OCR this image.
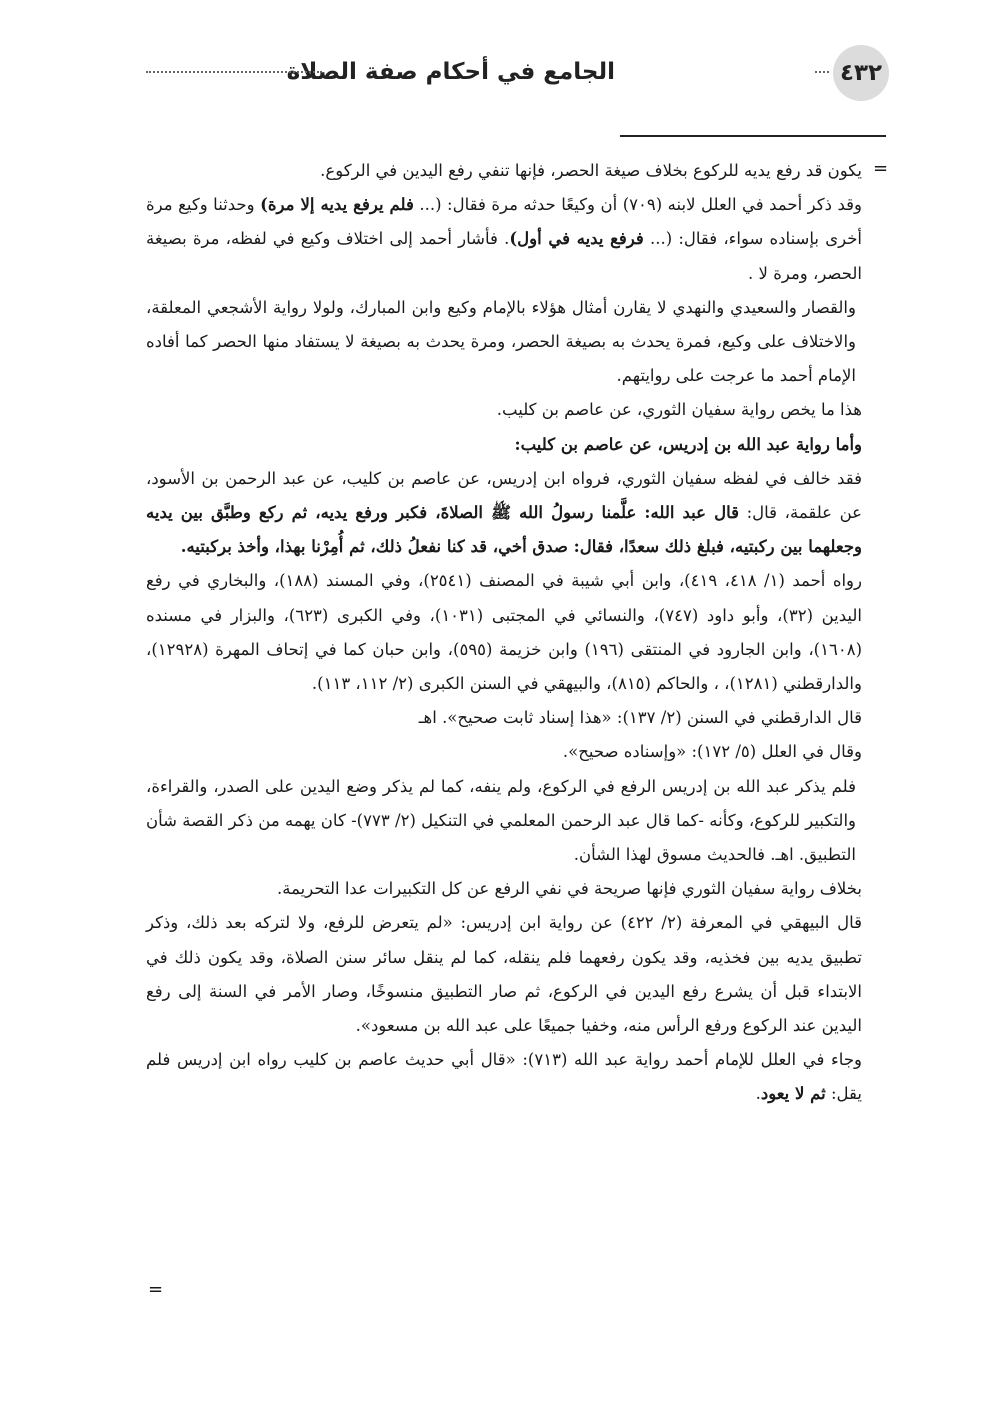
٤٣٢
الجامع في أحكام صفة الصلاة
=

يكون قد رفع يديه للركوع بخلاف صيغة الحصر، فإنها تنفي رفع اليدين في الركوع.

وقد ذكر أحمد في العلل لابنه (٧٠٩) أن وكيعًا حدثه مرة فقال: (... فلم يرفع يديه إلا مرة) وحدثنا وكيع مرة أخرى بإسناده سواء، فقال: (... فرفع يديه في أول). فأشار أحمد إلى اختلاف وكيع في لفظه، مرة بصيغة الحصر، ومرة لا .

والقصار والسعيدي والنهدي لا يقارن أمثال هؤلاء بالإمام وكيع وابن المبارك، ولولا رواية الأشجعي المعلقة، والاختلاف على وكيع، فمرة يحدث به بصيغة الحصر، ومرة يحدث به بصيغة لا يستفاد منها الحصر كما أفاده الإمام أحمد ما عرجت على روايتهم.

هذا ما يخص رواية سفيان الثوري، عن عاصم بن كليب.

وأما رواية عبد الله بن إدريس، عن عاصم بن كليب:

فقد خالف في لفظه سفيان الثوري، فرواه ابن إدريس، عن عاصم بن كليب، عن عبد الرحمن بن الأسود، عن علقمة، قال: قال عبد الله: علَّمنا رسولُ الله ﷺ الصلاةَ، فكبر ورفع يديه، ثم ركع وطبَّق بين يديه وجعلهما بين ركبتيه، فبلغ ذلك سعدًا، فقال: صدق أخي، قد كنا نفعلُ ذلك، ثم أُمِرْنا بهذا، وأخذ بركبتيه.

رواه أحمد (١/ ٤١٨، ٤١٩)، وابن أبي شيبة في المصنف (٢٥٤١)، وفي المسند (١٨٨)، والبخاري في رفع اليدين (٣٢)، وأبو داود (٧٤٧)، والنسائي في المجتبى (١٠٣١)، وفي الكبرى (٦٢٣)، والبزار في مسنده (١٦٠٨)، وابن الجارود في المنتقى (١٩٦) وابن خزيمة (٥٩٥)، وابن حبان كما في إتحاف المهرة (١٢٩٢٨)، والدارقطني (١٢٨١)، ، والحاكم (٨١٥)، والبيهقي في السنن الكبرى (٢/ ١١٢، ١١٣).

قال الدارقطني في السنن (٢/ ١٣٧): «هذا إسناد ثابت صحيح». اهـ

وقال في العلل (٥/ ١٧٢): «وإسناده صحيح».

فلم يذكر عبد الله بن إدريس الرفع في الركوع، ولم ينفه، كما لم يذكر وضع اليدين على الصدر، والقراءة، والتكبير للركوع، وكأنه -كما قال عبد الرحمن المعلمي في التنكيل (٢/ ٧٧٣)- كان يهمه من ذكر القصة شأن التطبيق. اهـ. فالحديث مسوق لهذا الشأن.

بخلاف رواية سفيان الثوري فإنها صريحة في نفي الرفع عن كل التكبيرات عدا التحريمة.

قال البيهقي في المعرفة (٢/ ٤٢٢) عن رواية ابن إدريس: «لم يتعرض للرفع، ولا لتركه بعد ذلك، وذكر تطبيق يديه بين فخذيه، وقد يكون رفعهما فلم ينقله، كما لم ينقل سائر سنن الصلاة، وقد يكون ذلك في الابتداء قبل أن يشرع رفع اليدين في الركوع، ثم صار التطبيق منسوخًا، وصار الأمر في السنة إلى رفع اليدين عند الركوع ورفع الرأس منه، وخفيا جميعًا على عبد الله بن مسعود».

وجاء في العلل للإمام أحمد رواية عبد الله (٧١٣): «قال أبي حديث عاصم بن كليب رواه ابن إدريس فلم يقل: ثم لا يعود.

=
